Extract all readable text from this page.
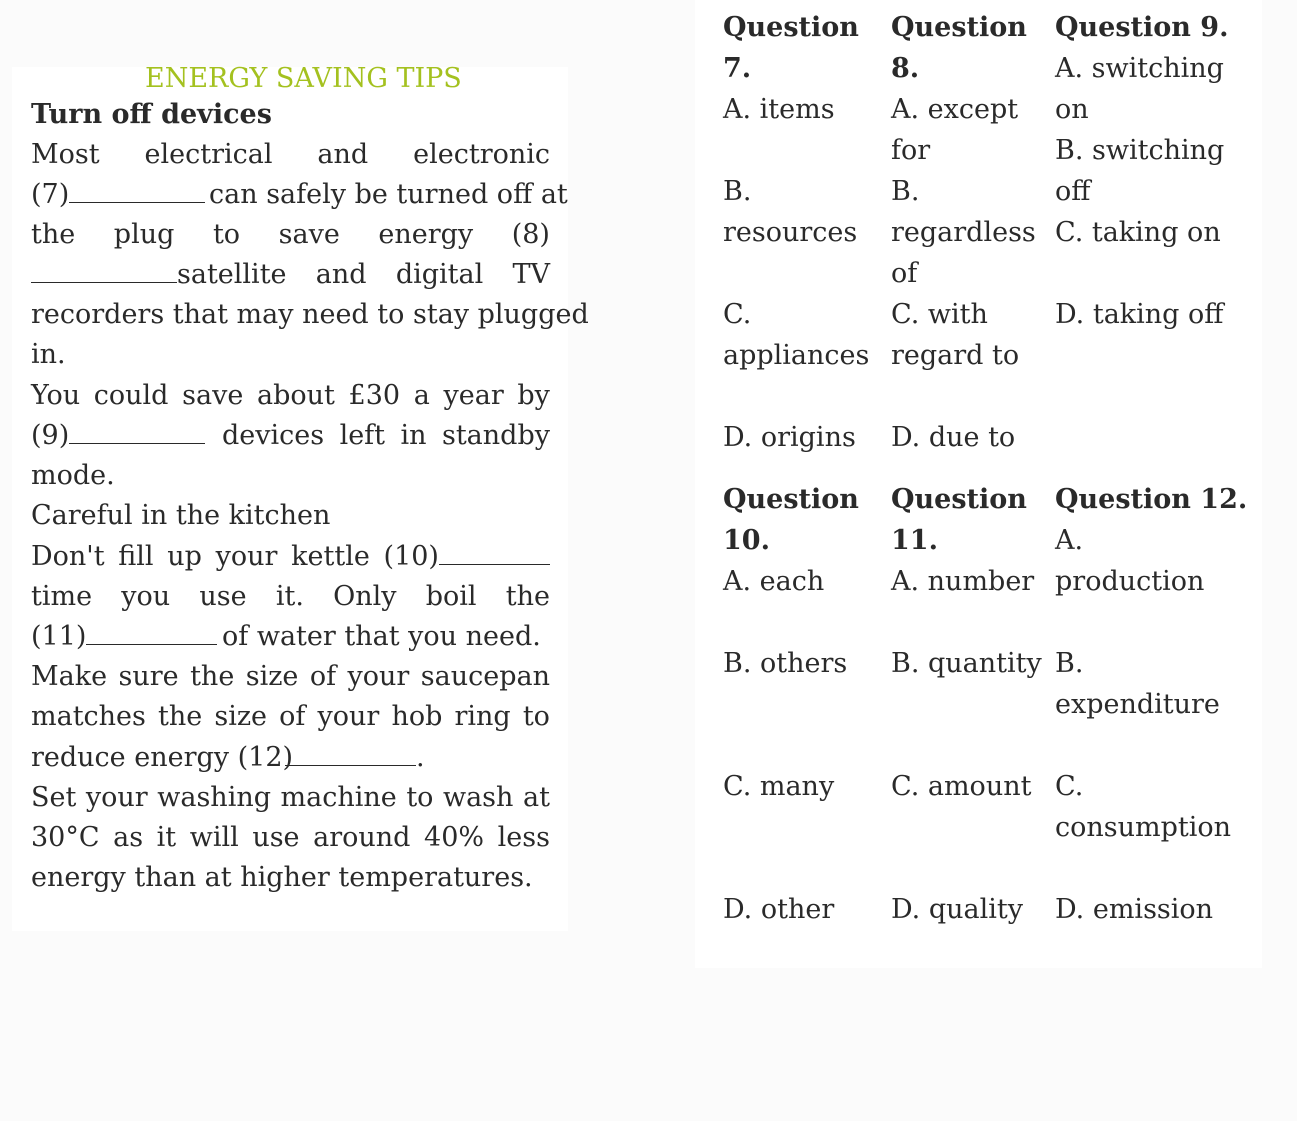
ENERGY SAVING TIPS
Turn off devices
Most electrical and electronic
(7)	can safely be turned off at
the plug to save energy (8)
satellite and digital TV
recorders that may need to stay plugged
in.
You could save about £30 a year by
(9)	devices left in standby
mode.
Careful in the kitchen
Don't fill up your kettle (10)
time you use it. Only boil the
(11)	of water that you need.
Make sure the size of your saucepan
matches the size of your hob ring to
reduce energy (12)	.
Set your washing machine to wash at
30°C as it will use around 40% less
energy than at higher temperatures.
Question
7.
A. items
B.
resources
C.
appliances
D. origins
Question
8.
A. except
for
B.
regardless
of
C. with
regard to
D. due to
Question 9.
A. switching
on
B. switching
off
C. taking on
D. taking off
Question
10.
A. each
B. others
C. many
D. other
Question
11.
A. number
B. quantity
C. amount
D. quality
Question 12.
A.
production
B.
expenditure
C.
consumption
D. emission
